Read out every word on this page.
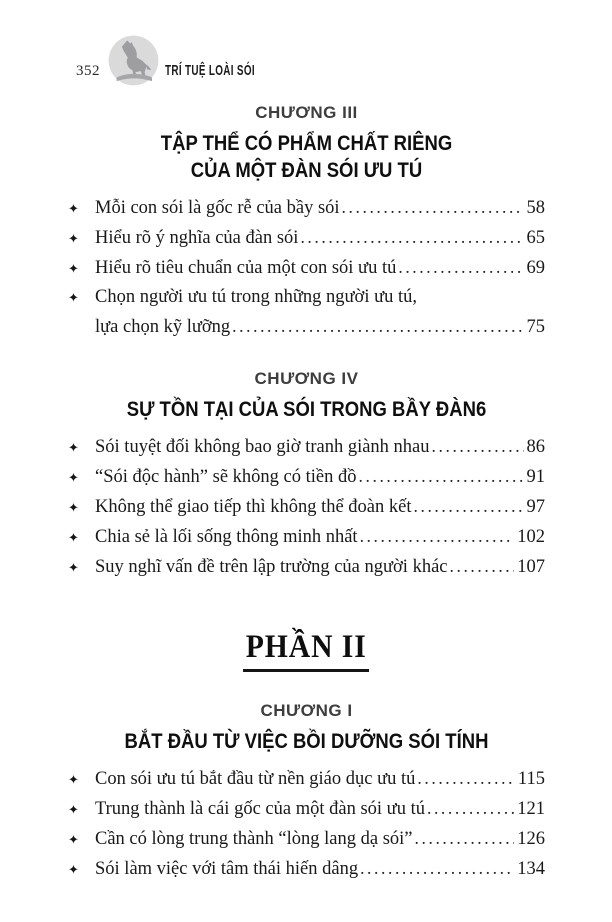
352	TRÍ TUỆ LOÀI SÓI
CHƯƠNG III
TẬP THỂ CÓ PHẨM CHẤT RIÊNG
CỦA MỘT ĐÀN SÓI ƯU TÚ
✦ Mỗi con sói là gốc rễ của bầy sói .....	58
✦ Hiểu rõ ý nghĩa của đàn sói .....	65
✦ Hiểu rõ tiêu chuẩn của một con sói ưu tú .....	69
✦ Chọn người ưu tú trong những người ưu tú,
lựa chọn kỹ lưỡng .....	75
CHƯƠNG IV
SỰ TỒN TẠI CỦA SÓI TRONG BẦY ĐÀN6
✦ Sói tuyệt đối không bao giờ tranh giành nhau .....	86
✦ “Sói độc hành” sẽ không có tiền đồ .....	91
✦ Không thể giao tiếp thì không thể đoàn kết .....	97
✦ Chia sẻ là lối sống thông minh nhất .....	102
✦ Suy nghĩ vấn đề trên lập trường của người khác .....	107
PHẦN II
CHƯƠNG I
BẮT ĐẦU TỪ VIỆC BỒI DƯỠNG SÓI TÍNH
✦ Con sói ưu tú bắt đầu từ nền giáo dục ưu tú .....	115
✦ Trung thành là cái gốc của một đàn sói ưu tú .....	121
✦ Cần có lòng trung thành “lòng lang dạ sói” .....	126
✦ Sói làm việc với tâm thái hiến dâng .....	134
